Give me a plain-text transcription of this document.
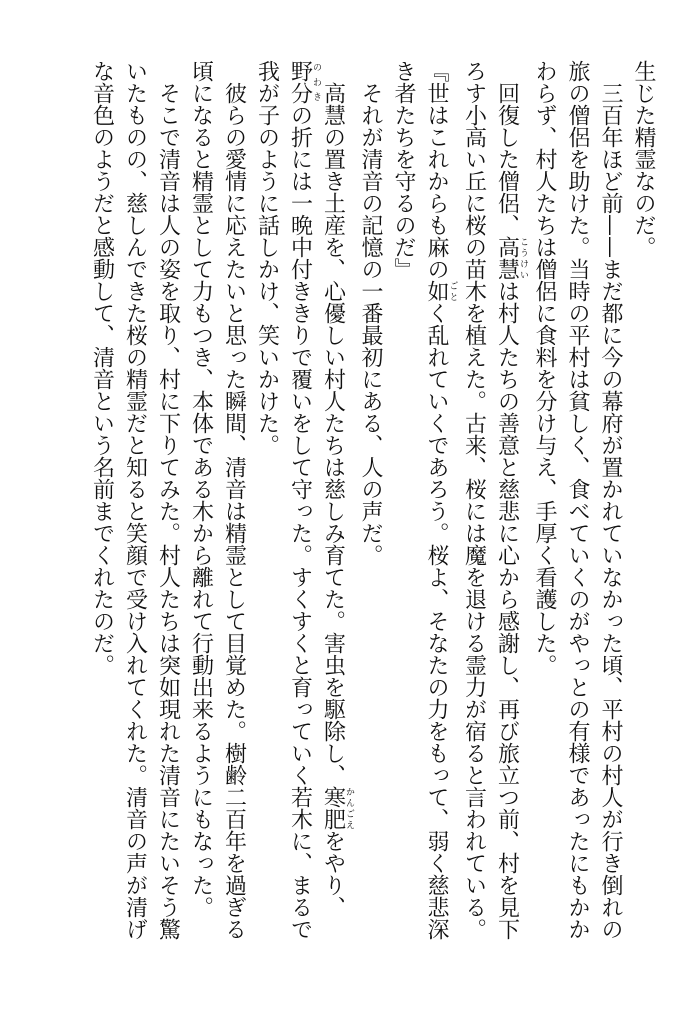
生じた精霊なのだ。

三百年ほど前——まだ都に今の幕府が置かれていなかった頃、平村の村人が行き倒れの旅の僧侶を助けた。当時の平村は貧しく、食べていくのがやっとの有様であったにもかかわらず、村人たちは僧侶に食料を分け与え、手厚く看護した。

回復した僧侶、高慧こうけいは村人たちの善意と慈悲に心から感謝し、再び旅立つ前、村を見下ろす小高い丘に桜の苗木を植えた。古来、桜には魔を退ける霊力が宿ると言われている。

『世はこれからも麻の如ごとく乱れていくであろう。桜よ、そなたの力をもって、弱く慈悲深き者たちを守るのだ』

それが清音の記憶の一番最初にある、人の声だ。

高慧の置き土産を、心優しい村人たちは慈しみ育てた。害虫を駆除し、寒肥かんごえをやり、野分のわきの折には一晩中付ききりで覆いをして守った。すくすくと育っていく若木に、まるで我が子のように話しかけ、笑いかけた。

彼らの愛情に応えたいと思った瞬間、清音は精霊として目覚めた。樹齢二百年を過ぎる頃になると精霊として力もつき、本体である木から離れて行動出来るようにもなった。

そこで清音は人の姿を取り、村に下りてみた。村人たちは突如現れた清音にたいそう驚いたものの、慈しんできた桜の精霊だと知ると笑顔で受け入れてくれた。清音の声が清げな音色のようだと感動して、清音という名前までくれたのだ。
